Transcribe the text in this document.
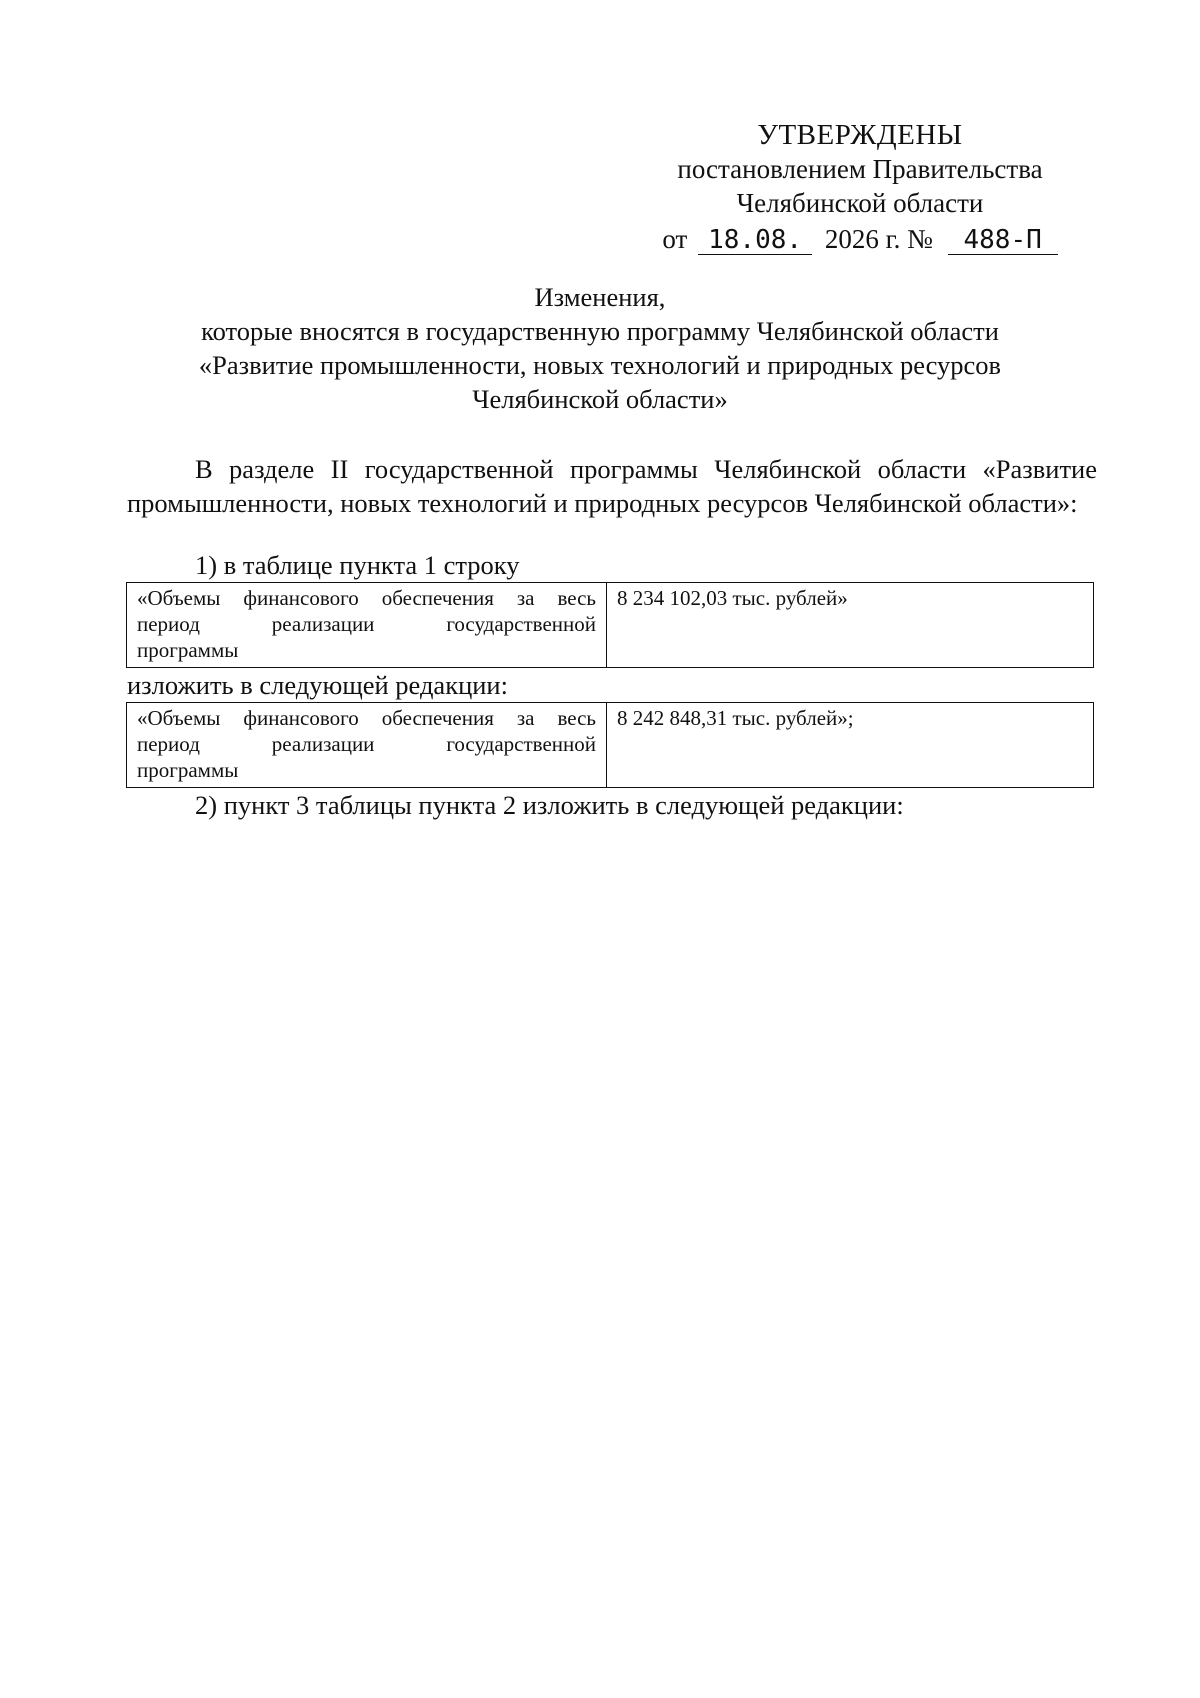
УТВЕРЖДЕНЫ
постановлением Правительства
Челябинской области
от 18.08. 2026 г. № 488-П
Изменения,
которые вносятся в государственную программу Челябинской области
«Развитие промышленности, новых технологий и природных ресурсов
Челябинской области»
В разделе II государственной программы Челябинской области «Развитие промышленности, новых технологий и природных ресурсов Челябинской области»:
1) в таблице пункта 1 строку
«Объемы финансового обеспечения за весь
период реализации государственной
программы
8 234 102,03 тыс. рублей»
изложить в следующей редакции:
«Объемы финансового обеспечения за весь
период реализации государственной
программы
8 242 848,31 тыс. рублей»;
2) пункт 3 таблицы пункта 2 изложить в следующей редакции:
